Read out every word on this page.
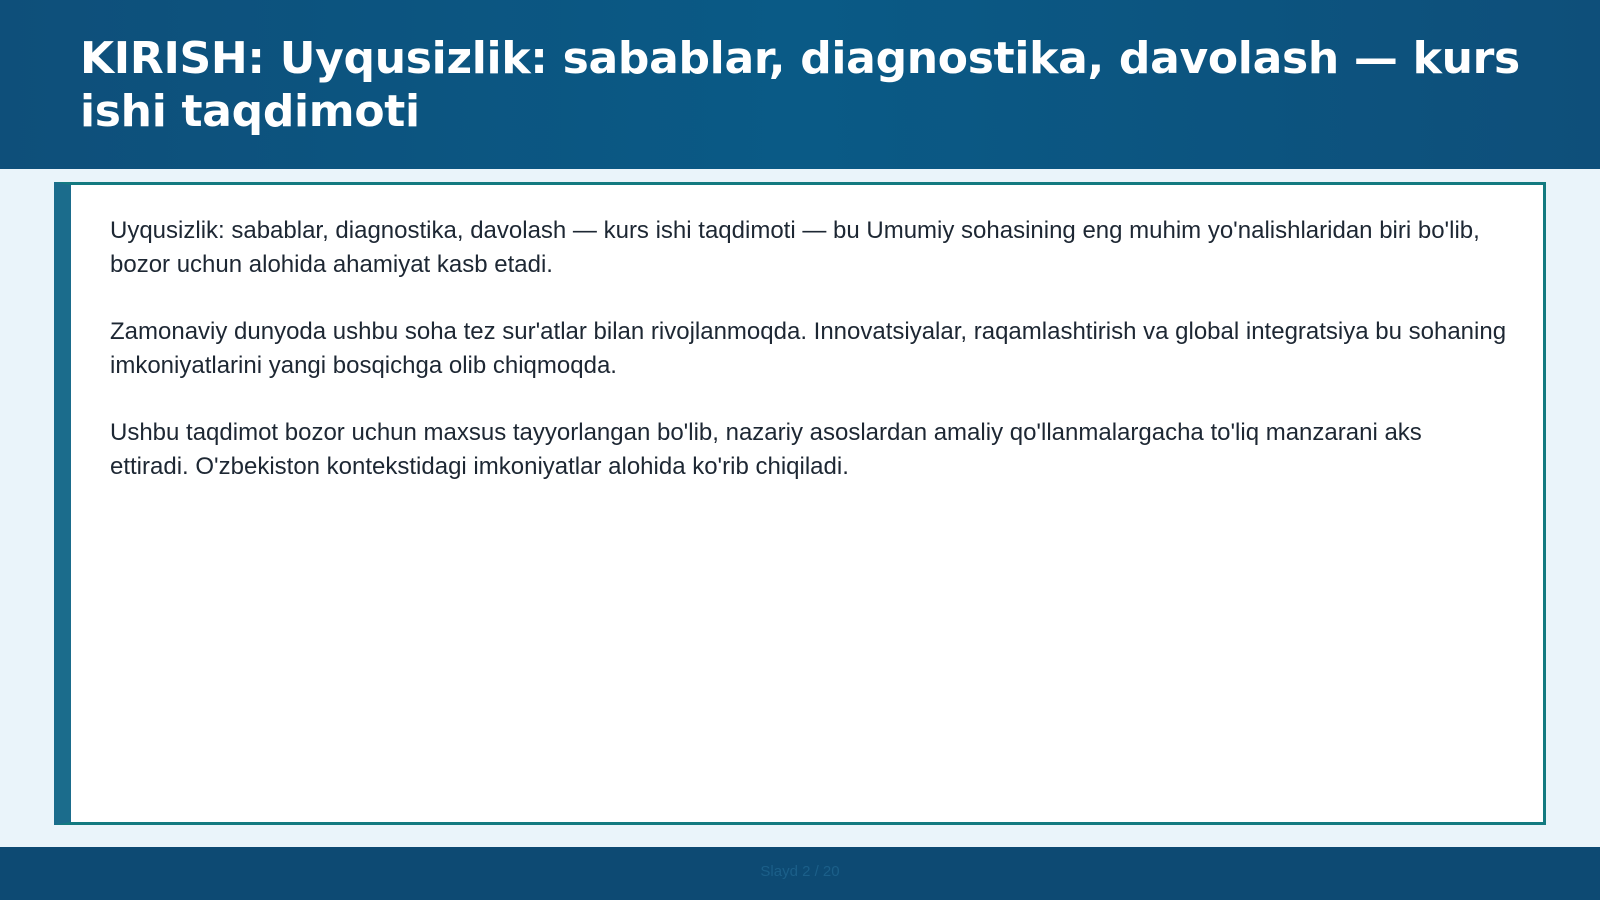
KIRISH: Uyqusizlik: sabablar, diagnostika, davolash — kurs ishi taqdimoti

Uyqusizlik: sabablar, diagnostika, davolash — kurs ishi taqdimoti — bu Umumiy sohasining eng muhim yo'nalishlaridan biri bo'lib, bozor uchun alohida ahamiyat kasb etadi.

Zamonaviy dunyoda ushbu soha tez sur'atlar bilan rivojlanmoqda. Innovatsiyalar, raqamlashtirish va global integratsiya bu sohaning imkoniyatlarini yangi bosqichga olib chiqmoqda.

Ushbu taqdimot bozor uchun maxsus tayyorlangan bo'lib, nazariy asoslardan amaliy qo'llanmalargacha to'liq manzarani aks ettiradi. O'zbekiston kontekstidagi imkoniyatlar alohida ko'rib chiqiladi.

Slayd 2 / 20
